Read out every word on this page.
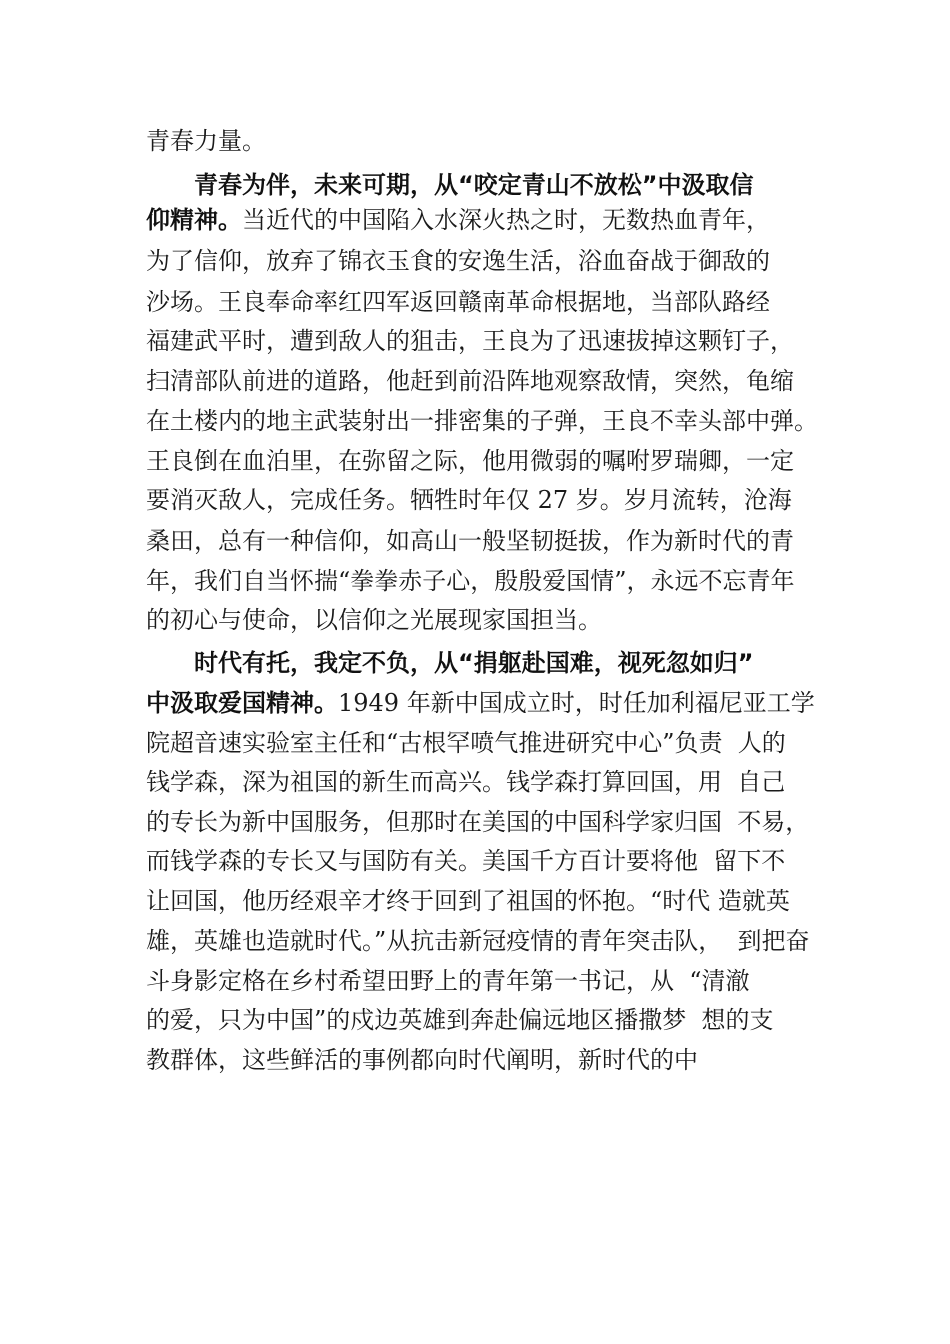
青春力量。
青春为伴，未来可期，从“咬定青山不放松”中汲取信
仰精神。当近代的中国陷入水深火热之时，无数热血青年，
为了信仰，放弃了锦衣玉食的安逸生活，浴血奋战于御敌的
沙场。王良奉命率红四军返回赣南革命根据地，当部队路经
福建武平时，遭到敌人的狙击，王良为了迅速拔掉这颗钉子，
扫清部队前进的道路，他赶到前沿阵地观察敌情，突然，龟缩
在土楼内的地主武装射出一排密集的子弹，王良不幸头部中弹。
王良倒在血泊里，在弥留之际，他用微弱的嘱咐罗瑞卿，一定
要消灭敌人，完成任务。牺牲时年仅 27 岁。岁月流转，沧海
桑田，总有一种信仰，如高山一般坚韧挺拔，作为新时代的青
年，我们自当怀揣“拳拳赤子心，殷殷爱国情”，永远不忘青年
的初心与使命，以信仰之光展现家国担当。
时代有托，我定不负，从“捐躯赴国难，视死忽如归”
中汲取爱国精神。1949 年新中国成立时，时任加利福尼亚工学
院超音速实验室主任和“古根罕喷气推进研究中心”负责  人的
钱学森，深为祖国的新生而高兴。钱学森打算回国，用  自己
的专长为新中国服务，但那时在美国的中国科学家归国  不易，
而钱学森的专长又与国防有关。美国千方百计要将他  留下不
让回国，他历经艰辛才终于回到了祖国的怀抱。“时代 造就英
雄，英雄也造就时代。”从抗击新冠疫情的青年突击队，  到把奋
斗身影定格在乡村希望田野上的青年第一书记，从  “清澈
的爱，只为中国”的戍边英雄到奔赴偏远地区播撒梦  想的支
教群体，这些鲜活的事例都向时代阐明，新时代的中
